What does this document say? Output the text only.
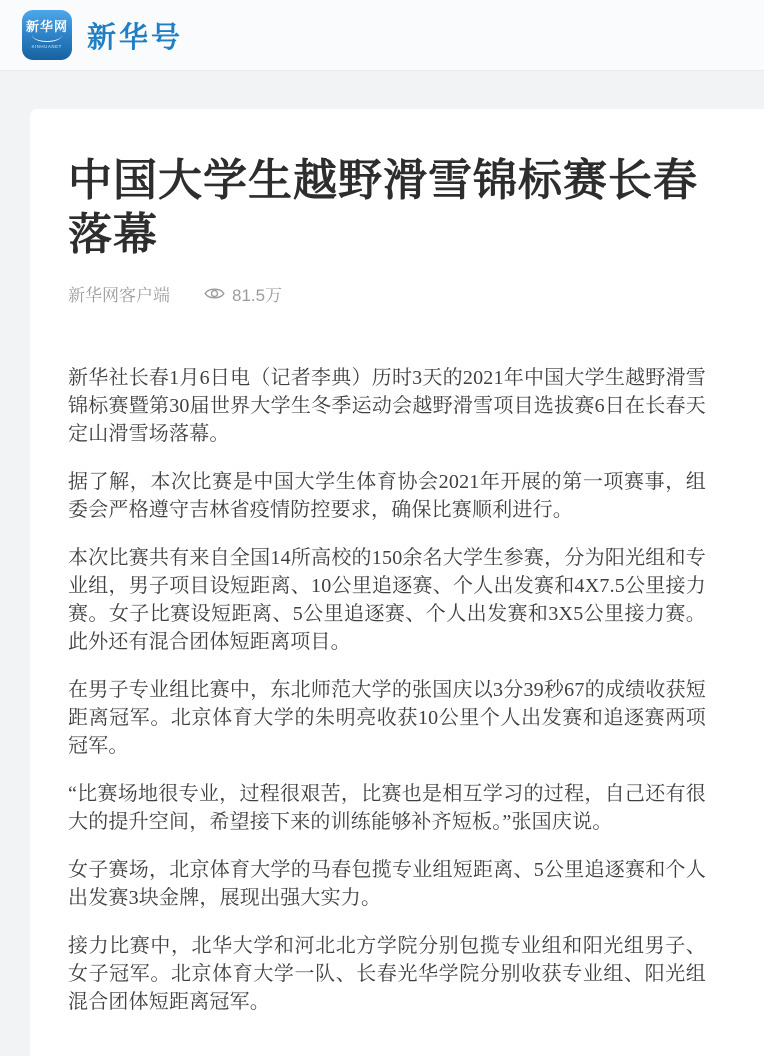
新华网
XINHUANET 新华号
中国大学生越野滑雪锦标赛长春落幕
新华网客户端	81.5万

新华社长春1月6日电（记者李典）历时3天的2021年中国大学生越野滑雪锦标赛暨第30届世界大学生冬季运动会越野滑雪项目选拔赛6日在长春天定山滑雪场落幕。

据了解，本次比赛是中国大学生体育协会2021年开展的第一项赛事，组委会严格遵守吉林省疫情防控要求，确保比赛顺利进行。

本次比赛共有来自全国14所高校的150余名大学生参赛，分为阳光组和专业组，男子项目设短距离、10公里追逐赛、个人出发赛和4X7.5公里接力赛。女子比赛设短距离、5公里追逐赛、个人出发赛和3X5公里接力赛。此外还有混合团体短距离项目。

在男子专业组比赛中，东北师范大学的张国庆以3分39秒67的成绩收获短距离冠军。北京体育大学的朱明亮收获10公里个人出发赛和追逐赛两项冠军。

“比赛场地很专业，过程很艰苦，比赛也是相互学习的过程，自己还有很大的提升空间，希望接下来的训练能够补齐短板。”张国庆说。

女子赛场，北京体育大学的马春包揽专业组短距离、5公里追逐赛和个人出发赛3块金牌，展现出强大实力。

接力比赛中，北华大学和河北北方学院分别包揽专业组和阳光组男子、女子冠军。北京体育大学一队、长春光华学院分别收获专业组、阳光组混合团体短距离冠军。
